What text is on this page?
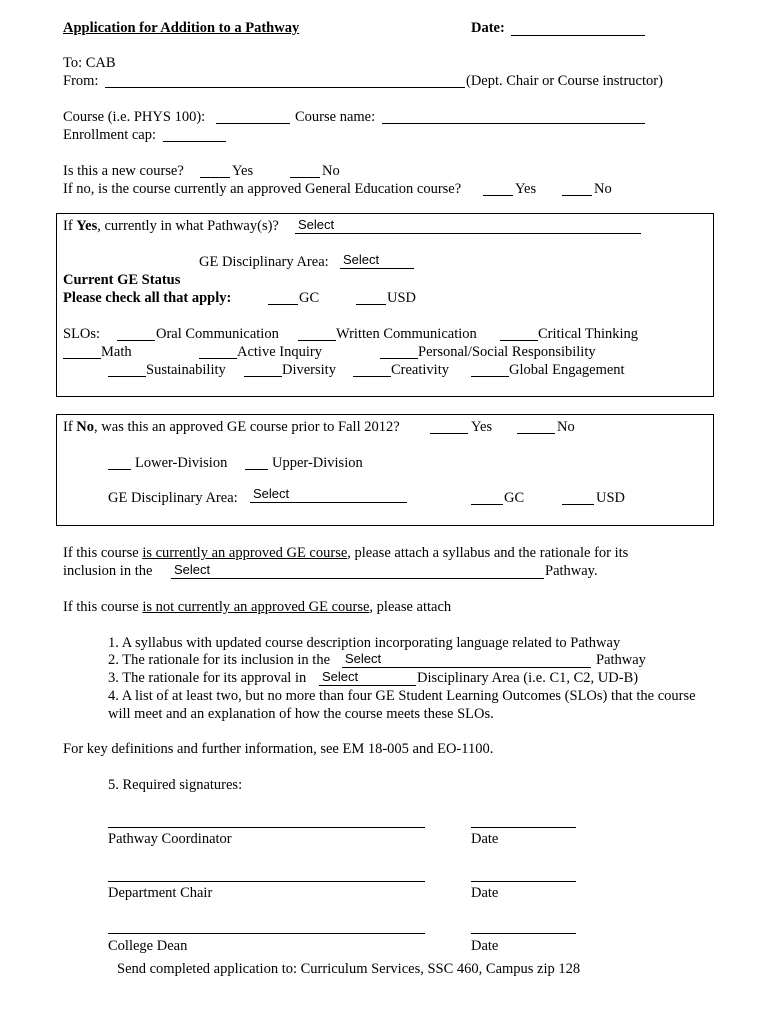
Application for Addition to a Pathway	Date:
To: CAB
From:	(Dept. Chair or Course instructor)
Course (i.e. PHYS 100):	Course name:
Enrollment cap:
Is this a new course?	Yes	No
If no, is the course currently an approved General Education course?	Yes	No
If Yes, currently in what Pathway(s)? Select
GE Disciplinary Area: Select
Current GE Status
Please check all that apply:	GC	USD
SLOs:	Oral Communication	Written Communication	Critical Thinking
Math	Active Inquiry	Personal/Social Responsibility
Sustainability	Diversity	Creativity	Global Engagement
If No, was this an approved GE course prior to Fall 2012?	Yes	No
Lower-Division	Upper-Division
GE Disciplinary Area: Select	GC	USD
If this course is currently an approved GE course, please attach a syllabus and the rationale for its
inclusion in the Select	Pathway.
If this course is not currently an approved GE course, please attach
1. A syllabus with updated course description incorporating language related to Pathway
2. The rationale for its inclusion in the Select	Pathway
3. The rationale for its approval in Select	Disciplinary Area (i.e. C1, C2, UD-B)
4. A list of at least two, but no more than four GE Student Learning Outcomes (SLOs) that the course
will meet and an explanation of how the course meets these SLOs.
For key definitions and further information, see EM 18-005 and EO-1100.
5. Required signatures:
Pathway Coordinator	Date
Department Chair	Date
College Dean	Date
Send completed application to: Curriculum Services, SSC 460, Campus zip 128
